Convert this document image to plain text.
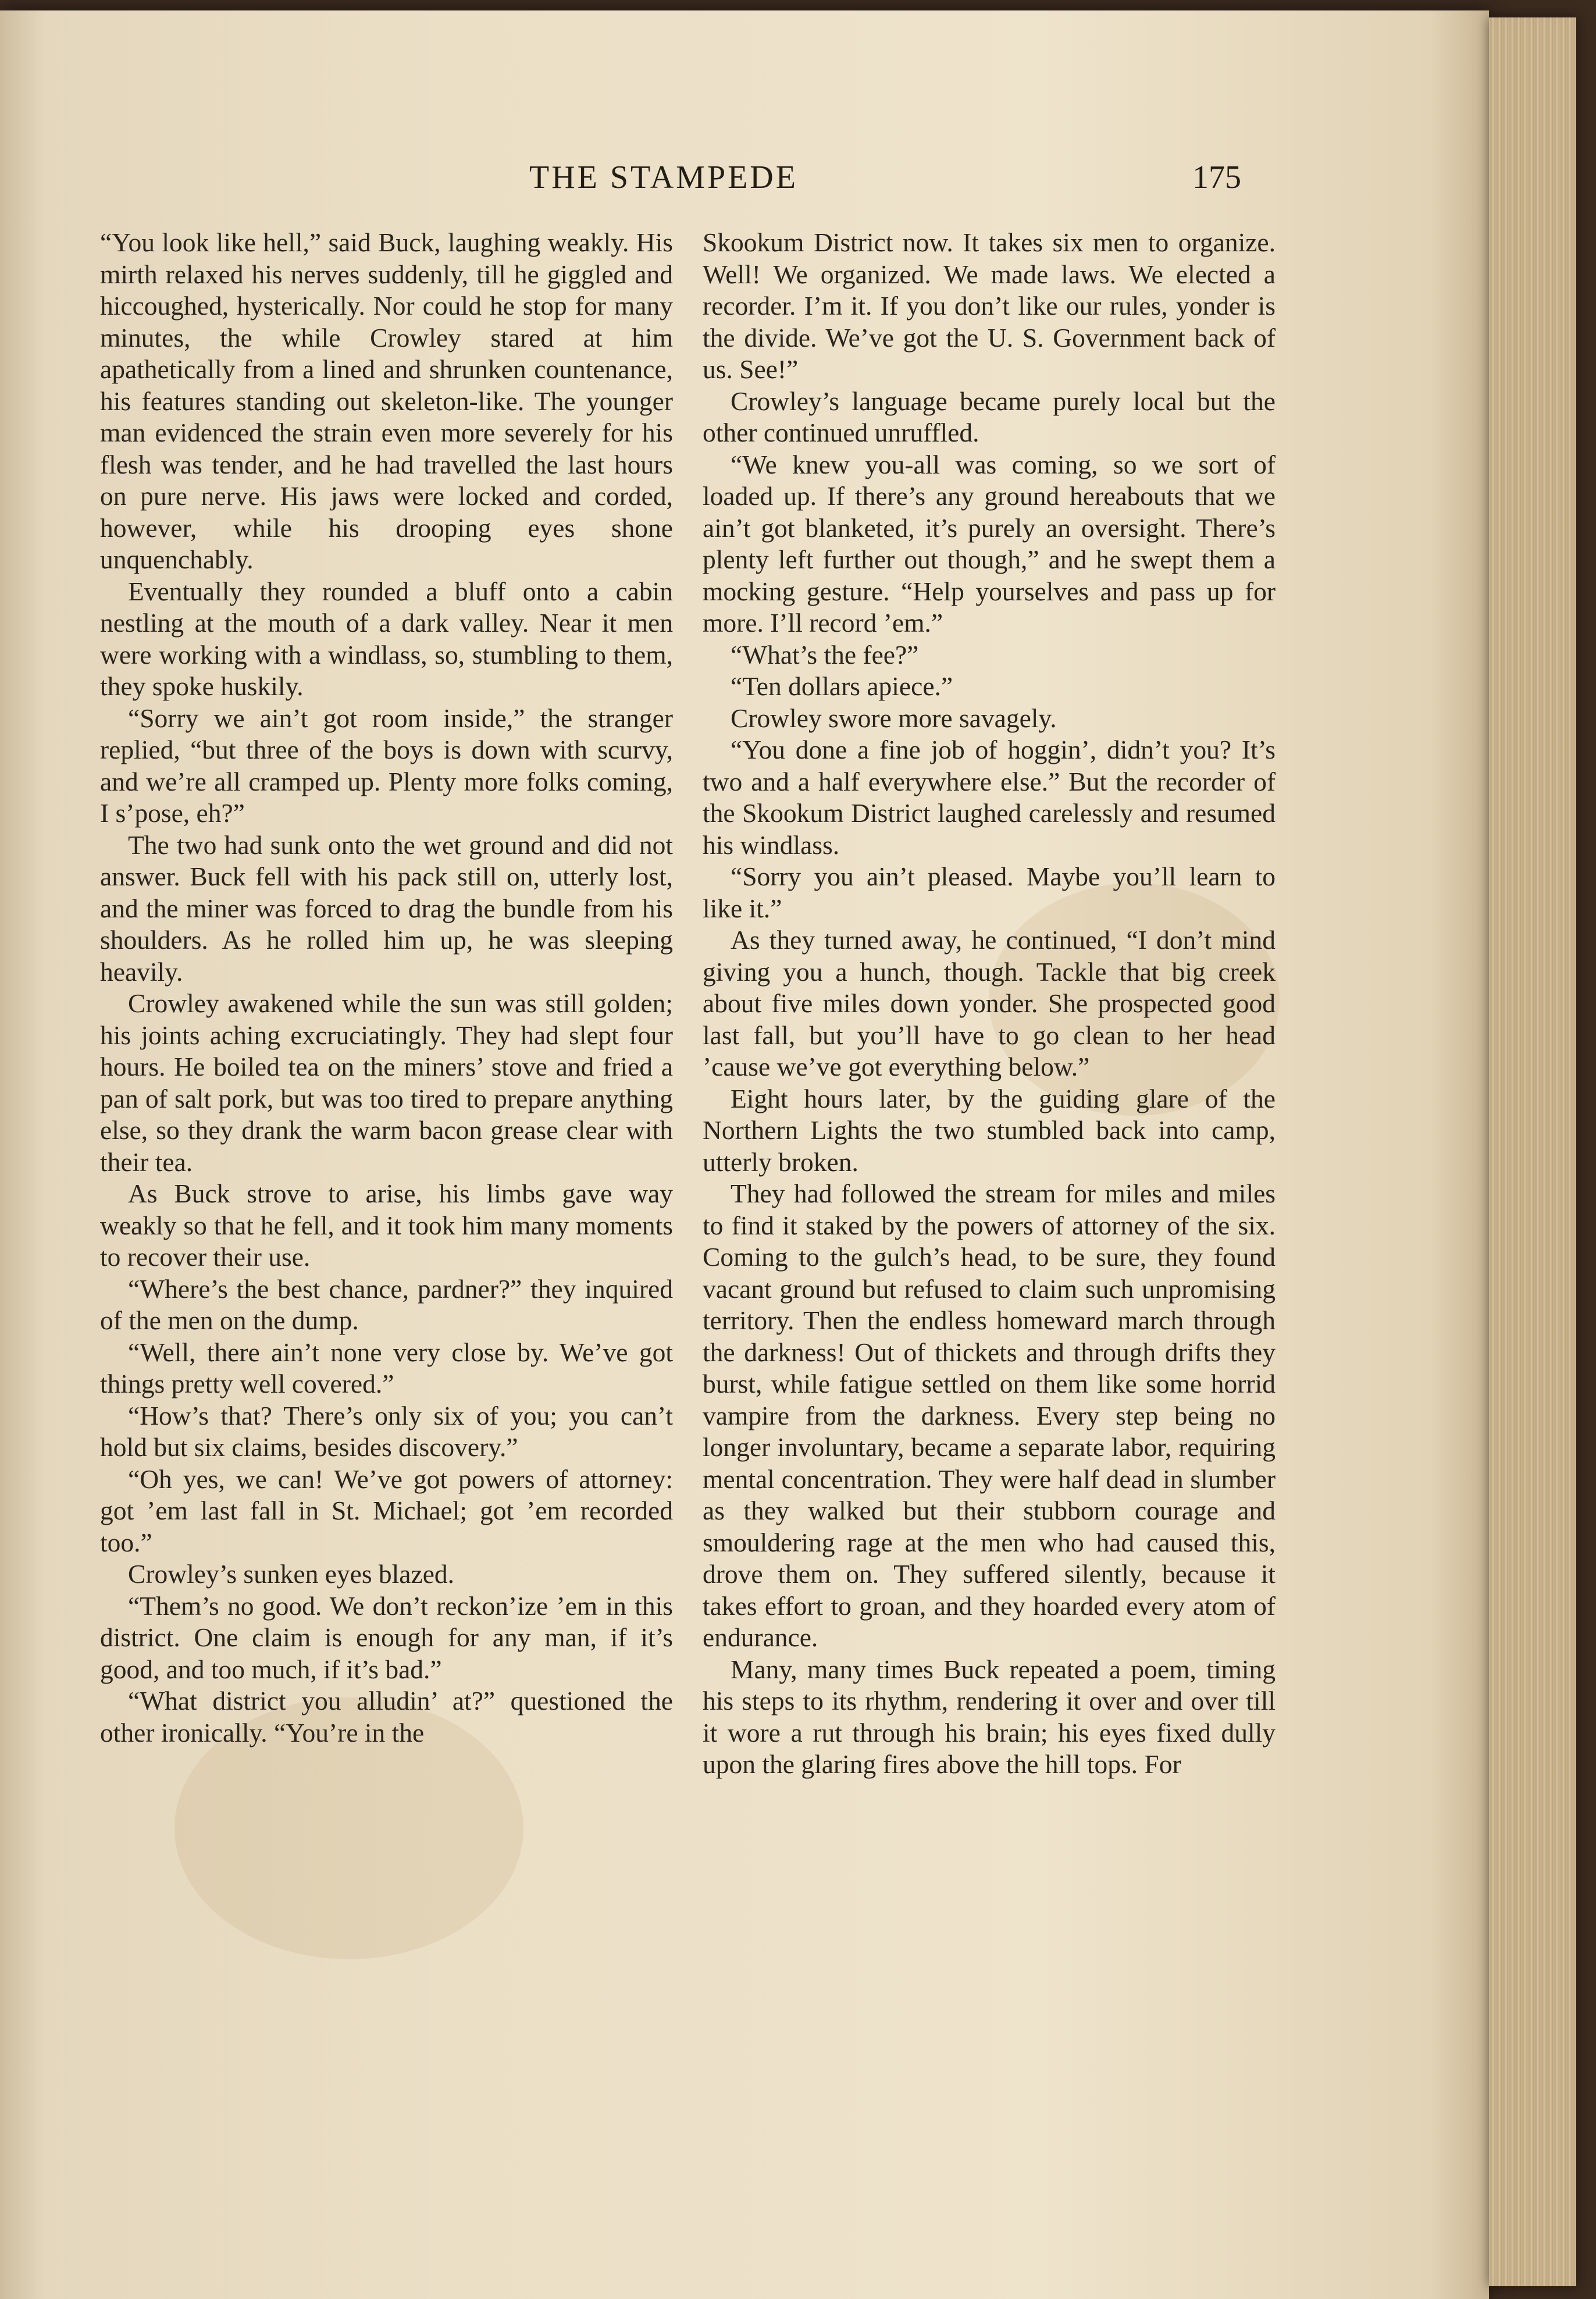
THE STAMPEDE	175

“You look like hell,” said Buck, laughing weakly. His mirth relaxed his nerves suddenly, till he giggled and hiccoughed, hysterically. Nor could he stop for many minutes, the while Crowley stared at him apathetically from a lined and shrunken countenance, his features standing out skeleton-like. The younger man evidenced the strain even more severely for his flesh was tender, and he had travelled the last hours on pure nerve. His jaws were locked and corded, however, while his drooping eyes shone unquenchably.

Eventually they rounded a bluff onto a cabin nestling at the mouth of a dark valley. Near it men were working with a windlass, so, stumbling to them, they spoke huskily.

“Sorry we ain’t got room inside,” the stranger replied, “but three of the boys is down with scurvy, and we’re all cramped up. Plenty more folks coming, I s’pose, eh?”

The two had sunk onto the wet ground and did not answer. Buck fell with his pack still on, utterly lost, and the miner was forced to drag the bundle from his shoulders. As he rolled him up, he was sleeping heavily.

Crowley awakened while the sun was still golden; his joints aching excruciatingly. They had slept four hours. He boiled tea on the miners’ stove and fried a pan of salt pork, but was too tired to prepare anything else, so they drank the warm bacon grease clear with their tea.

As Buck strove to arise, his limbs gave way weakly so that he fell, and it took him many moments to recover their use.

“Where’s the best chance, pardner?” they inquired of the men on the dump.

“Well, there ain’t none very close by. We’ve got things pretty well covered.”

“How’s that? There’s only six of you; you can’t hold but six claims, besides discovery.”

“Oh yes, we can! We’ve got powers of attorney: got ’em last fall in St. Michael; got ’em recorded too.”

Crowley’s sunken eyes blazed.

“Them’s no good. We don’t reckon’ize ’em in this district. One claim is enough for any man, if it’s good, and too much, if it’s bad.”

“What district you alludin’ at?” questioned the other ironically. “You’re in the

Skookum District now. It takes six men to organize. Well! We organized. We made laws. We elected a recorder. I’m it. If you don’t like our rules, yonder is the divide. We’ve got the U. S. Government back of us. See!”

Crowley’s language became purely local but the other continued unruffled.

“We knew you-all was coming, so we sort of loaded up. If there’s any ground hereabouts that we ain’t got blanketed, it’s purely an oversight. There’s plenty left further out though,” and he swept them a mocking gesture. “Help yourselves and pass up for more. I’ll record ’em.”

“What’s the fee?”

“Ten dollars apiece.”

Crowley swore more savagely.

“You done a fine job of hoggin’, didn’t you? It’s two and a half everywhere else.” But the recorder of the Skookum District laughed carelessly and resumed his windlass.

“Sorry you ain’t pleased. Maybe you’ll learn to like it.”

As they turned away, he continued, “I don’t mind giving you a hunch, though. Tackle that big creek about five miles down yonder. She prospected good last fall, but you’ll have to go clean to her head ’cause we’ve got everything below.”

Eight hours later, by the guiding glare of the Northern Lights the two stumbled back into camp, utterly broken.

They had followed the stream for miles and miles to find it staked by the powers of attorney of the six. Coming to the gulch’s head, to be sure, they found vacant ground but refused to claim such unpromising territory. Then the endless homeward march through the darkness! Out of thickets and through drifts they burst, while fatigue settled on them like some horrid vampire from the darkness. Every step being no longer involuntary, became a separate labor, requiring mental concentration. They were half dead in slumber as they walked but their stubborn courage and smouldering rage at the men who had caused this, drove them on. They suffered silently, because it takes effort to groan, and they hoarded every atom of endurance.

Many, many times Buck repeated a poem, timing his steps to its rhythm, rendering it over and over till it wore a rut through his brain; his eyes fixed dully upon the glaring fires above the hill tops. For
